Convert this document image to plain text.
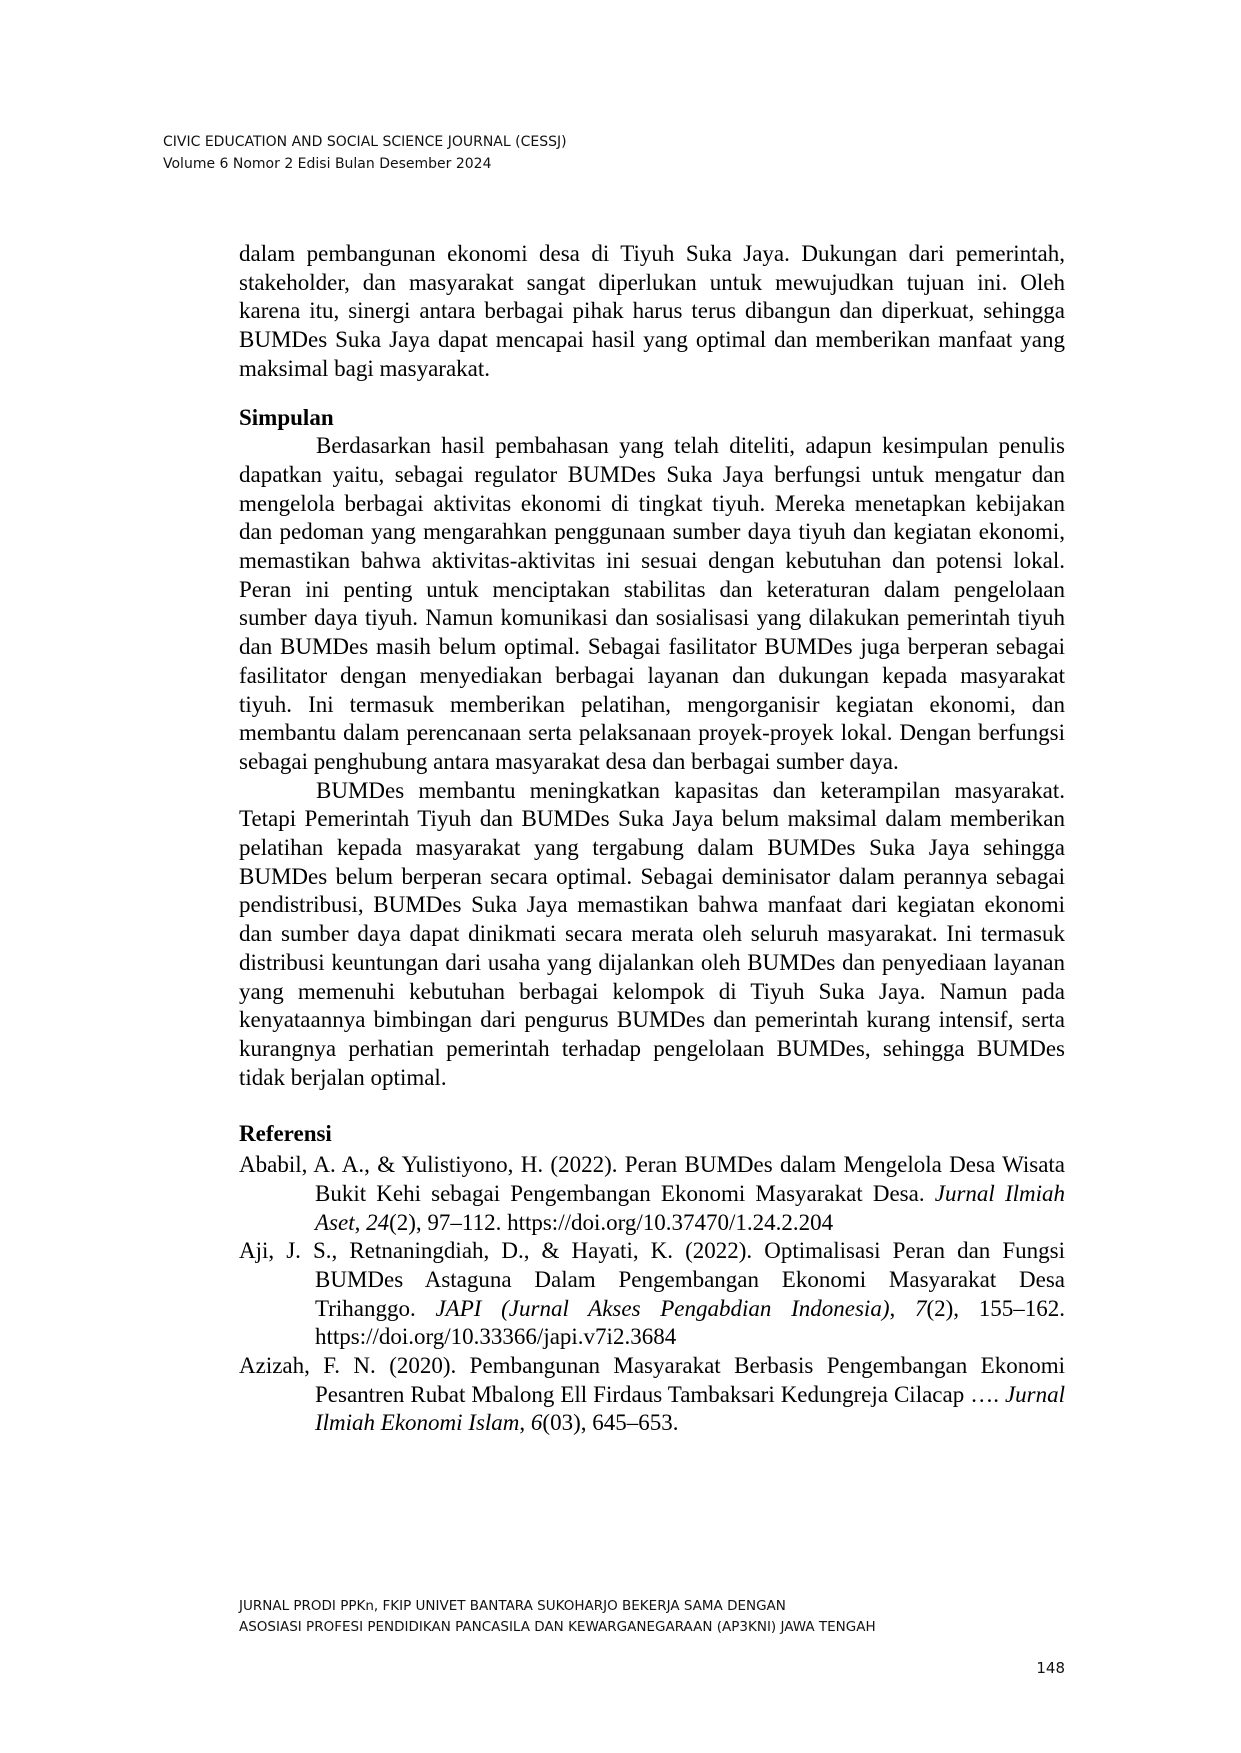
CIVIC EDUCATION AND SOCIAL SCIENCE JOURNAL (CESSJ)
Volume 6 Nomor 2 Edisi Bulan Desember 2024

dalam pembangunan ekonomi desa di Tiyuh Suka Jaya. Dukungan dari pemerintah, stakeholder, dan masyarakat sangat diperlukan untuk mewujudkan tujuan ini. Oleh karena itu, sinergi antara berbagai pihak harus terus dibangun dan diperkuat, sehingga BUMDes Suka Jaya dapat mencapai hasil yang optimal dan memberikan manfaat yang maksimal bagi masyarakat.

Simpulan

Berdasarkan hasil pembahasan yang telah diteliti, adapun kesimpulan penulis dapatkan yaitu, sebagai regulator BUMDes Suka Jaya berfungsi untuk mengatur dan mengelola berbagai aktivitas ekonomi di tingkat tiyuh. Mereka menetapkan kebijakan dan pedoman yang mengarahkan penggunaan sumber daya tiyuh dan kegiatan ekonomi, memastikan bahwa aktivitas-aktivitas ini sesuai dengan kebutuhan dan potensi lokal. Peran ini penting untuk menciptakan stabilitas dan keteraturan dalam pengelolaan sumber daya tiyuh. Namun komunikasi dan sosialisasi yang dilakukan pemerintah tiyuh dan BUMDes masih belum optimal. Sebagai fasilitator BUMDes juga berperan sebagai fasilitator dengan menyediakan berbagai layanan dan dukungan kepada masyarakat tiyuh. Ini termasuk memberikan pelatihan, mengorganisir kegiatan ekonomi, dan membantu dalam perencanaan serta pelaksanaan proyek-proyek lokal. Dengan berfungsi sebagai penghubung antara masyarakat desa dan berbagai sumber daya.

BUMDes membantu meningkatkan kapasitas dan keterampilan masyarakat. Tetapi Pemerintah Tiyuh dan BUMDes Suka Jaya belum maksimal dalam memberikan pelatihan kepada masyarakat yang tergabung dalam BUMDes Suka Jaya sehingga BUMDes belum berperan secara optimal. Sebagai deminisator dalam perannya sebagai pendistribusi, BUMDes Suka Jaya memastikan bahwa manfaat dari kegiatan ekonomi dan sumber daya dapat dinikmati secara merata oleh seluruh masyarakat. Ini termasuk distribusi keuntungan dari usaha yang dijalankan oleh BUMDes dan penyediaan layanan yang memenuhi kebutuhan berbagai kelompok di Tiyuh Suka Jaya. Namun pada kenyataannya bimbingan dari pengurus BUMDes dan pemerintah kurang intensif, serta kurangnya perhatian pemerintah terhadap pengelolaan BUMDes, sehingga BUMDes tidak berjalan optimal.

Referensi

Ababil, A. A., & Yulistiyono, H. (2022). Peran BUMDes dalam Mengelola Desa Wisata Bukit Kehi sebagai Pengembangan Ekonomi Masyarakat Desa. Jurnal Ilmiah Aset, 24(2), 97–112. https://doi.org/10.37470/1.24.2.204

Aji, J. S., Retnaningdiah, D., & Hayati, K. (2022). Optimalisasi Peran dan Fungsi BUMDes Astaguna Dalam Pengembangan Ekonomi Masyarakat Desa Trihanggo. JAPI (Jurnal Akses Pengabdian Indonesia), 7(2), 155–162. https://doi.org/10.33366/japi.v7i2.3684

Azizah, F. N. (2020). Pembangunan Masyarakat Berbasis Pengembangan Ekonomi Pesantren Rubat Mbalong Ell Firdaus Tambaksari Kedungreja Cilacap …. Jurnal Ilmiah Ekonomi Islam, 6(03), 645–653.

JURNAL PRODI PPKn, FKIP UNIVET BANTARA SUKOHARJO BEKERJA SAMA DENGAN
ASOSIASI PROFESI PENDIDIKAN PANCASILA DAN KEWARGANEGARAAN (AP3KNI) JAWA TENGAH
148
